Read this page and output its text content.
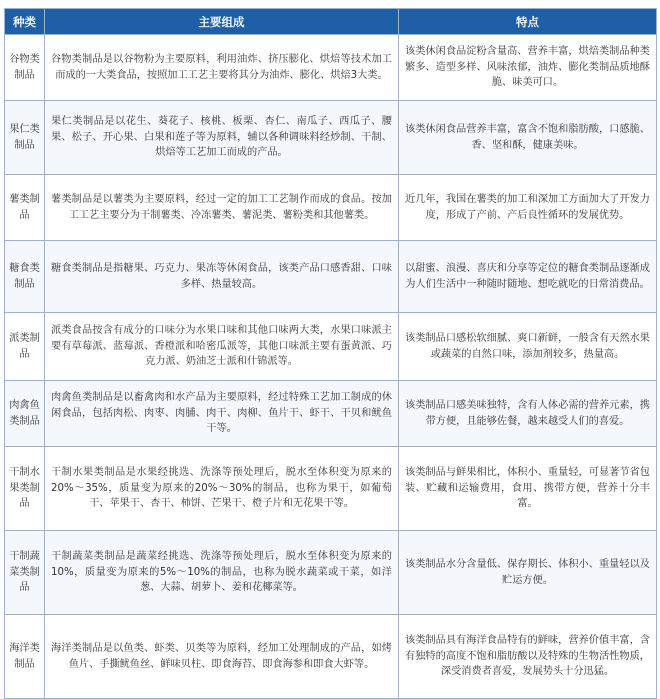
种类	主要组成	特点
谷物类制品	谷物类制品是以谷物粉为主要原料，利用油炸、挤压膨化、烘焙等技术加工而成的一大类食品，按照加工工艺主要将其分为油炸、膨化、烘焙3大类。	该类休闲食品淀粉含量高、营养丰富，烘焙类制品种类繁多、造型多样、风味浓郁，油炸、膨化类制品质地酥脆、味美可口。
果仁类制品	果仁类制品是以花生、葵花子、核桃、板栗、杏仁、南瓜子、西瓜子、腰果、松子、开心果、白果和莲子等为原料，辅以各种调味料经炒制、干制、烘焙等工艺加工而成的产品。	该类休闲食品营养丰富，富含不饱和脂肪酸，口感脆、香、坚和酥，健康美味。
薯类制品	薯类制品是以薯类为主要原料，经过一定的加工工艺制作而成的食品。按加工工艺主要分为干制薯类、冷冻薯类、薯泥类、薯粉类和其他薯类。	近几年，我国在薯类的加工和深加工方面加大了开发力度，形成了产前、产后良性循环的发展优势。
糖食类制品	糖食类制品是指糖果、巧克力、果冻等休闲食品，该类产品口感香甜、口味多样、热量较高。	以甜蜜、浪漫、喜庆和分享等定位的糖食类制品逐渐成为人们生活中一种随时随地、想吃就吃的日常消费品。
派类制品	派类食品按含有成分的口味分为水果口味和其他口味两大类，水果口味派主要有草莓派、蓝莓派、香橙派和哈密瓜派等，其他口味派主要有蛋黄派、巧克力派、奶油芝士派和什锦派等。	该类制品口感松软细腻、爽口新鲜，一般含有天然水果或蔬菜的自然口味，添加剂较多，热量高。
肉禽鱼类制品	肉禽鱼类制品是以畜禽肉和水产品为主要原料，经过特殊工艺加工制成的休闲食品，包括肉松、肉枣、肉脯、肉干、肉柳、鱼片干、虾干、干贝和鱿鱼干等。	该类制品口感美味独特，含有人体必需的营养元素，携带方便，且能够佐餐，越来越受人们的喜爱。
干制水果类制品	干制水果类制品是水果经挑选、洗涤等预处理后，脱水至体积变为原来的20%～35%，质量变为原来的20%～30%的制品，也称为果干，如葡萄干、苹果干、杏干、柿饼、芒果干、橙子片和无花果干等。	该类制品与鲜果相比，体积小、重量轻，可显著节省包装、贮藏和运输费用，食用、携带方便，营养十分丰富。
干制蔬菜类制品	干制蔬菜类制品是蔬菜经挑选、洗涤等预处理后，脱水至体积变为原来的10%，质量变为原来的5%～10%的制品，也称为脱水蔬菜或干菜，如洋葱、大蒜、胡萝卜、姜和花椰菜等。	该类制品水分含量低、保存期长、体积小、重量轻以及贮运方便。
海洋类制品	海洋类制品是以鱼类、虾类、贝类等为原料，经加工处理制成的产品，如烤鱼片、手撕鱿鱼丝、鲜味贝柱、即食海苔、即食海参和即食大虾等。	该类制品具有海洋食品特有的鲜味，营养价值丰富，含有独特的高度不饱和脂肪酸以及特殊的生物活性物质，深受消费者喜爱，发展势头十分迅猛。
